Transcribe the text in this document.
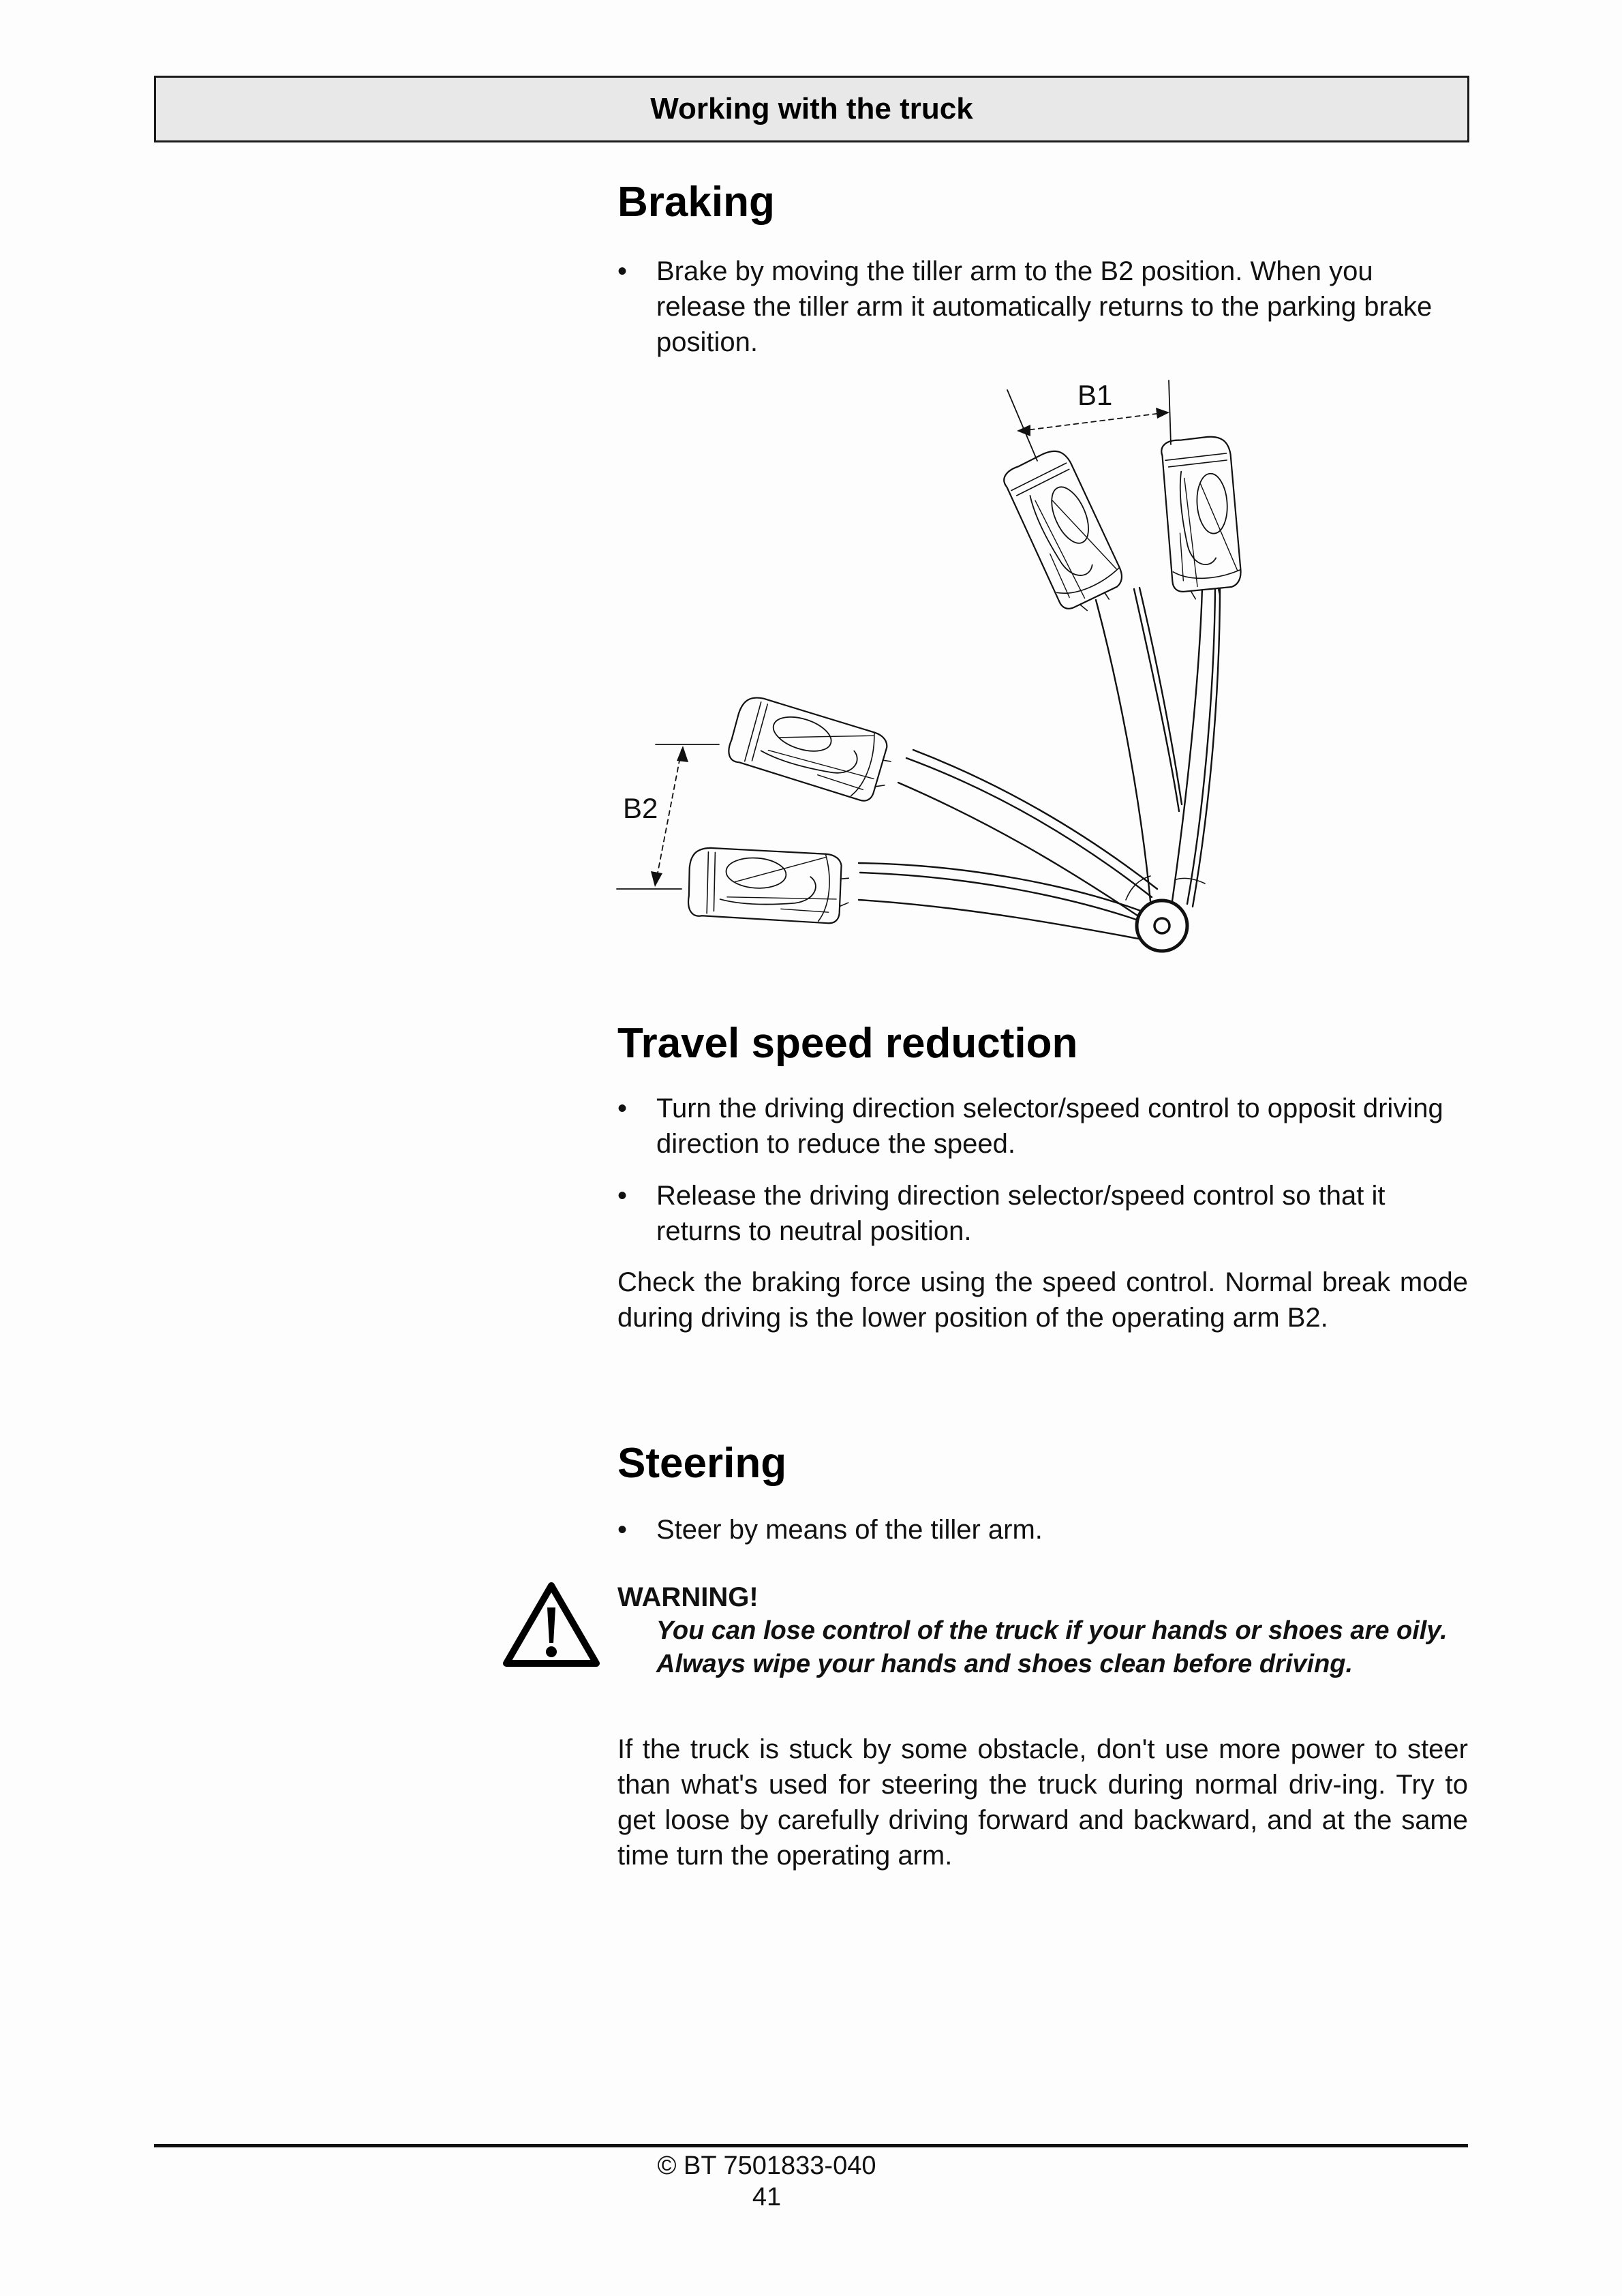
Working with the truck
Braking
•	Brake by moving the tiller arm to the B2 position. When you release the tiller arm it automatically returns to the parking brake position.
B1
B2
Travel speed reduction
•	Turn the driving direction selector/speed control to opposit driving direction to reduce the speed.
•	Release the driving direction selector/speed control so that it returns to neutral position.
Check the braking force using the speed control. Normal break mode during driving is the lower position of the operating arm B2.
Steering
•	Steer by means of the tiller arm.
WARNING!
You can lose control of the truck if your hands or shoes are oily.
Always wipe your hands and shoes clean before driving.
If the truck is stuck by some obstacle, don't use more power to steer than what's used for steering the truck during normal driv-ing. Try to get loose by carefully driving forward and backward, and at the same time turn the operating arm.
© BT 7501833-040
41
